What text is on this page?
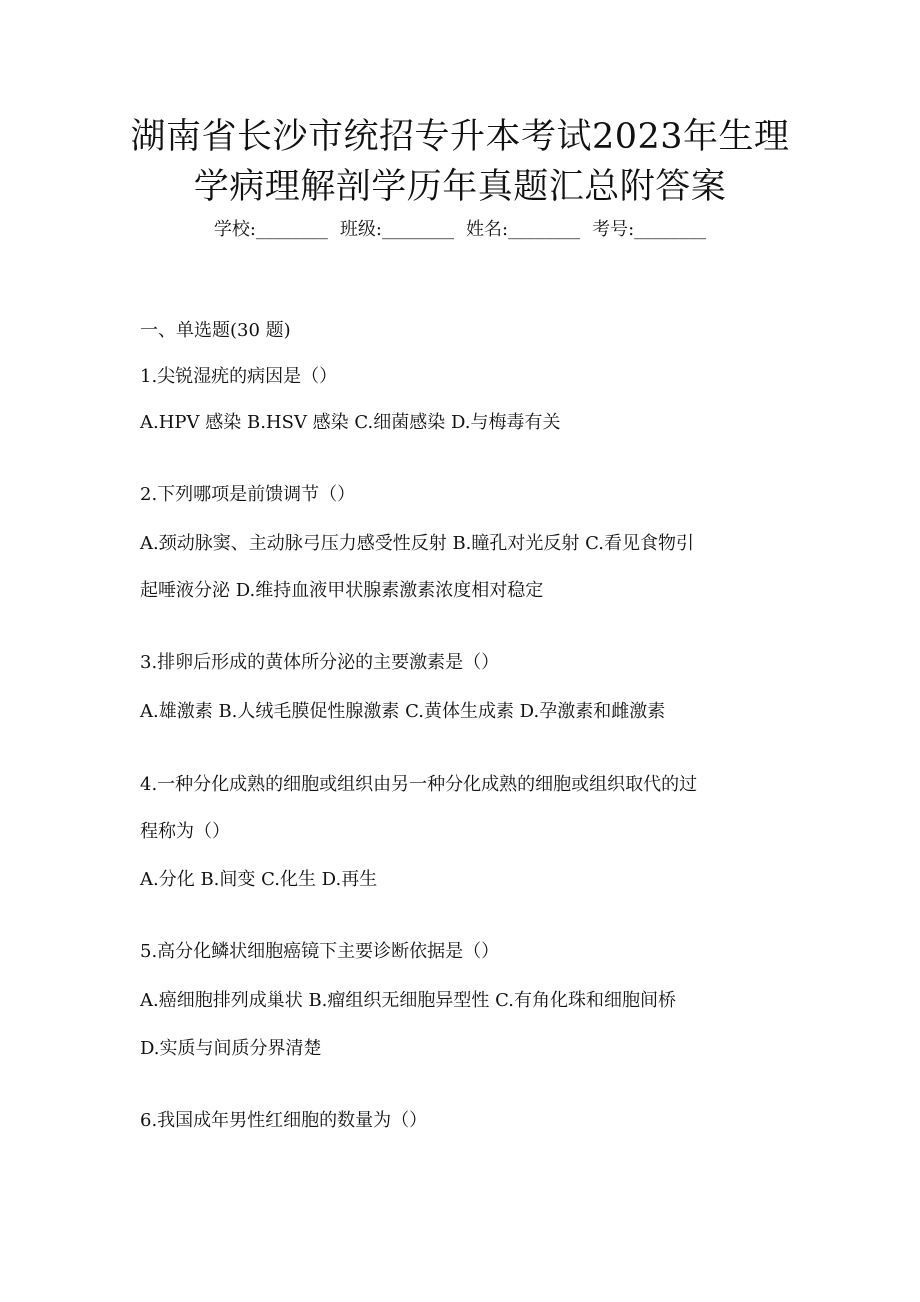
湖南省长沙市统招专升本考试2023年生理
学病理解剖学历年真题汇总附答案
学校:________ 班级:________ 姓名:________ 考号:________
一、单选题(30 题)
1.尖锐湿疣的病因是（）
A.HPV 感染 B.HSV 感染 C.细菌感染 D.与梅毒有关
2.下列哪项是前馈调节（）
A.颈动脉窦、主动脉弓压力感受性反射 B.瞳孔对光反射 C.看见食物引
起唾液分泌 D.维持血液甲状腺素激素浓度相对稳定
3.排卵后形成的黄体所分泌的主要激素是（）
A.雄激素 B.人绒毛膜促性腺激素 C.黄体生成素 D.孕激素和雌激素
4.一种分化成熟的细胞或组织由另一种分化成熟的细胞或组织取代的过
程称为（）
A.分化 B.间变 C.化生 D.再生
5.高分化鳞状细胞癌镜下主要诊断依据是（）
A.癌细胞排列成巢状 B.瘤组织无细胞异型性 C.有角化珠和细胞间桥
D.实质与间质分界清楚
6.我国成年男性红细胞的数量为（）
